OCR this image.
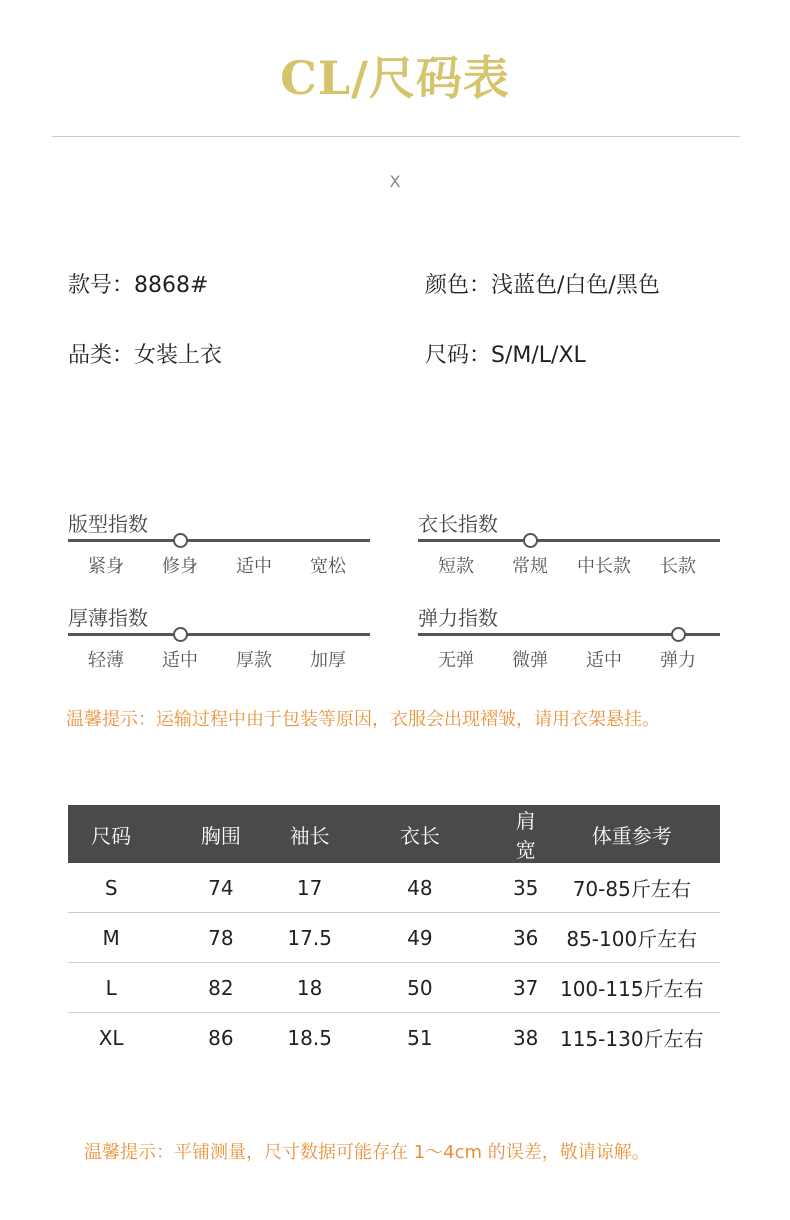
CL/尺码表
X
款号：8868#	颜色：浅蓝色/白色/黑色
品类：女装上衣	尺码：S/M/L/XL
版型指数
紧身	修身	适中	宽松
衣长指数
短款	常规	中长款	长款
厚薄指数
轻薄	适中	厚款	加厚
弹力指数
无弹	微弹	适中	弹力
温馨提示：运输过程中由于包装等原因，衣服会出现褶皱，请用衣架悬挂。
尺码	胸围	袖长	衣长	肩宽	体重参考
S	74	17	48	35	70-85斤左右
M	78	17.5	49	36	85-100斤左右
L	82	18	50	37	100-115斤左右
XL	86	18.5	51	38	115-130斤左右
温馨提示：平铺测量，尺寸数据可能存在 1～4cm 的误差，敬请谅解。
